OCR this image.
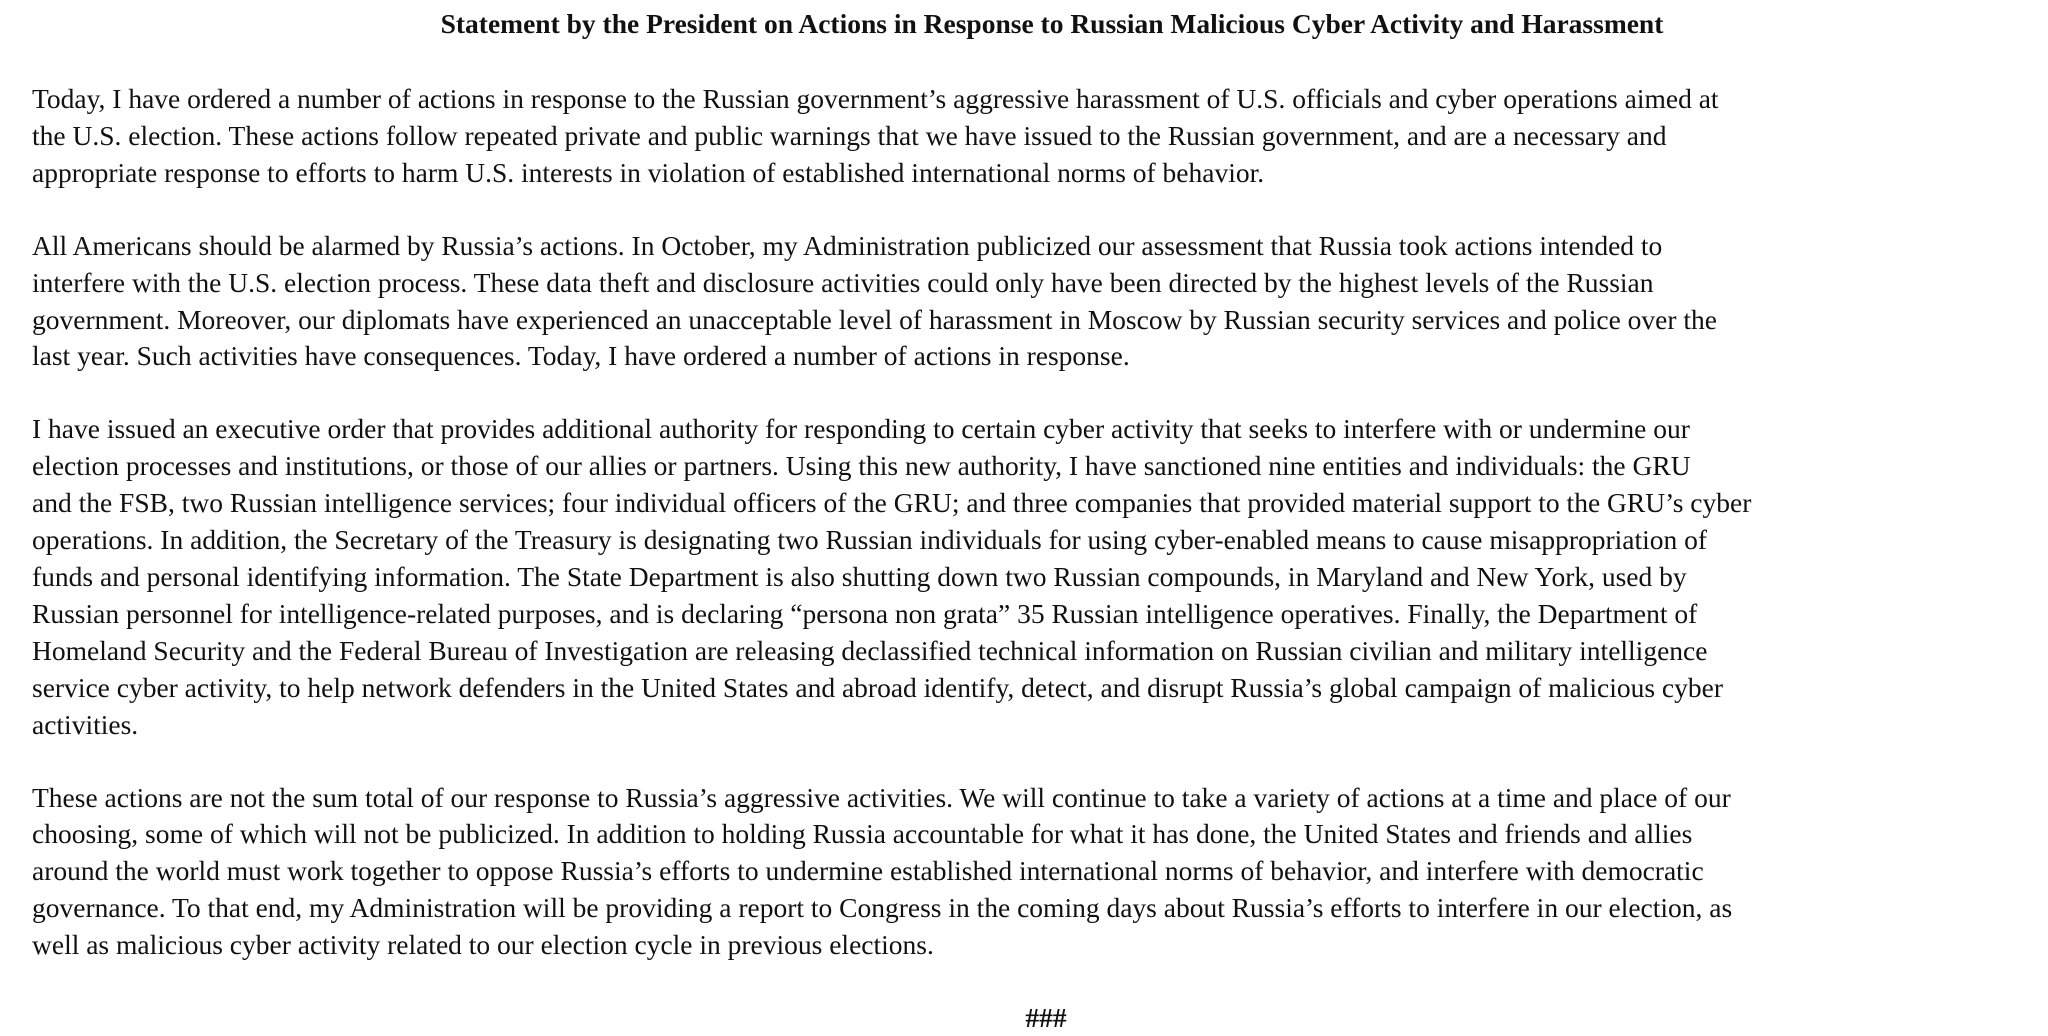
Statement by the President on Actions in Response to Russian Malicious Cyber Activity and Harassment

Today, I have ordered a number of actions in response to the Russian government’s aggressive harassment of U.S. officials and cyber operations aimed at
the U.S. election. These actions follow repeated private and public warnings that we have issued to the Russian government, and are a necessary and
appropriate response to efforts to harm U.S. interests in violation of established international norms of behavior.

All Americans should be alarmed by Russia’s actions. In October, my Administration publicized our assessment that Russia took actions intended to
interfere with the U.S. election process. These data theft and disclosure activities could only have been directed by the highest levels of the Russian
government. Moreover, our diplomats have experienced an unacceptable level of harassment in Moscow by Russian security services and police over the
last year. Such activities have consequences. Today, I have ordered a number of actions in response.

I have issued an executive order that provides additional authority for responding to certain cyber activity that seeks to interfere with or undermine our
election processes and institutions, or those of our allies or partners. Using this new authority, I have sanctioned nine entities and individuals: the GRU
and the FSB, two Russian intelligence services; four individual officers of the GRU; and three companies that provided material support to the GRU’s cyber
operations. In addition, the Secretary of the Treasury is designating two Russian individuals for using cyber-enabled means to cause misappropriation of
funds and personal identifying information. The State Department is also shutting down two Russian compounds, in Maryland and New York, used by
Russian personnel for intelligence-related purposes, and is declaring “persona non grata” 35 Russian intelligence operatives. Finally, the Department of
Homeland Security and the Federal Bureau of Investigation are releasing declassified technical information on Russian civilian and military intelligence
service cyber activity, to help network defenders in the United States and abroad identify, detect, and disrupt Russia’s global campaign of malicious cyber
activities.

These actions are not the sum total of our response to Russia’s aggressive activities. We will continue to take a variety of actions at a time and place of our
choosing, some of which will not be publicized. In addition to holding Russia accountable for what it has done, the United States and friends and allies
around the world must work together to oppose Russia’s efforts to undermine established international norms of behavior, and interfere with democratic
governance. To that end, my Administration will be providing a report to Congress in the coming days about Russia’s efforts to interfere in our election, as
well as malicious cyber activity related to our election cycle in previous elections.

###
